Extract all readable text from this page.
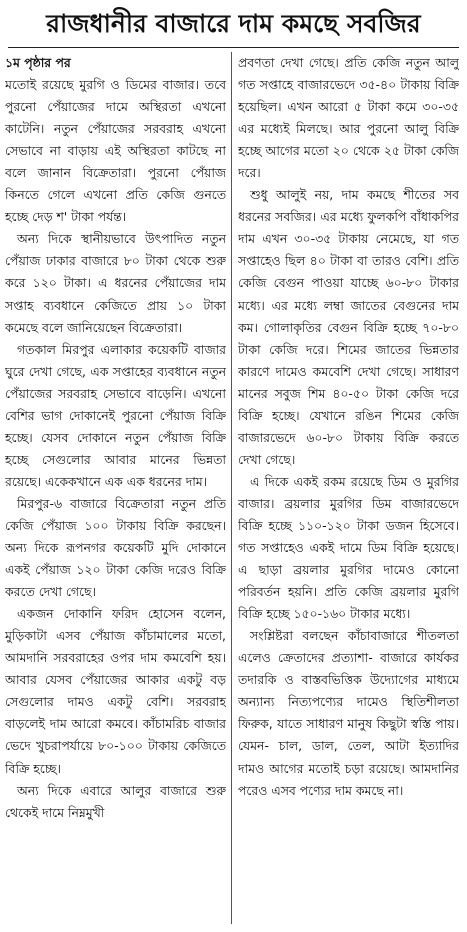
রাজধানীর বাজারে দাম কমছে সবজির

১ম পৃষ্ঠার পর
মতোই রয়েছে মুরগি ও ডিমের বাজার। তবে পুরনো পেঁয়াজের দামে অস্থিরতা এখনো কাটেনি। নতুন পেঁয়াজের সরবরাহ এখনো সেভাবে না বাড়ায় এই অস্থিরতা কাটছে না বলে জানান বিক্রেতারা। পুরনো পেঁয়াজ কিনতে গেলে এখনো প্রতি কেজি গুনতে হচ্ছে দেড় শ' টাকা পর্যন্ত।

অন্য দিকে স্থানীয়ভাবে উৎপাদিত নতুন পেঁয়াজ ঢাকার বাজারে ৮০ টাকা থেকে শুরু করে ১২০ টাকা। এ ধরনের পেঁয়াজের দাম সপ্তাহ ব্যবধানে কেজিতে প্রায় ১০ টাকা কমেছে বলে জানিয়েছেন বিক্রেতারা।

গতকাল মিরপুর এলাকার কয়েকটি বাজার ঘুরে দেখা গেছে, এক সপ্তাহের ব্যবধানে নতুন পেঁয়াজের সরবরাহ সেভাবে বাড়েনি। এখনো বেশির ভাগ দোকানেই পুরনো পেঁয়াজ বিক্রি হচ্ছে। যেসব দোকানে নতুন পেঁয়াজ বিক্রি হচ্ছে সেগুলোর আবার মানের ভিন্নতা রয়েছে। একেকখানে এক এক ধরনের দাম।

মিরপুর-৬ বাজারে বিক্রেতারা নতুন প্রতি কেজি পেঁয়াজ ১০০ টাকায় বিক্রি করছেন। অন্য দিকে রূপনগর কয়েকটি মুদি দোকানে একই পেঁয়াজ ১২০ টাকা কেজি দরেও বিক্রি করতে দেখা গেছে।

একজন দোকানি ফরিদ হোসেন বলেন, মুড়িকাটা এসব পেঁয়াজ কাঁচামালের মতো, আমদানি সরবরাহের ওপর দাম কমবেশি হয়। আবার যেসব পেঁয়াজের আকার একটু বড় সেগুলোর দামও একটু বেশি। সরবরাহ বাড়লেই দাম আরো কমবে। কাঁচামরিচ বাজার ভেদে খুচরাপর্যায়ে ৮০-১০০ টাকায় কেজিতে বিক্রি হচ্ছে।

অন্য দিকে এবারে আলুর বাজারে শুরু থেকেই দামে নিম্নমুখী

প্রবণতা দেখা গেছে। প্রতি কেজি নতুন আলু গত সপ্তাহে বাজারভেদে ৩৫-৪০ টাকায় বিক্রি হয়েছিল। এখন আরো ৫ টাকা কমে ৩০-৩৫ এর মধ্যেই মিলছে। আর পুরনো আলু বিক্রি হচ্ছে আগের মতো ২০ থেকে ২৫ টাকা কেজি দরে।

শুধু আলুই নয়, দাম কমছে শীতের সব ধরনের সবজির। এর মধ্যে ফুলকপি বাঁধাকপির দাম এখন ৩০-৩৫ টাকায় নেমেছে, যা গত সপ্তাহেও ছিল ৪০ টাকা বা তারও বেশি। প্রতি কেজি বেগুন পাওয়া যাচ্ছে ৬০-৮০ টাকার মধ্যে। এর মধ্যে লম্বা জাতের বেগুনের দাম কম। গোলাকৃতির বেগুন বিক্রি হচ্ছে ৭০-৮০ টাকা কেজি দরে। শিমের জাতের ভিন্নতার কারণে দামেও কমবেশি দেখা গেছে। সাধারণ মানের সবুজ শিম ৪০-৫০ টাকা কেজি দরে বিক্রি হচ্ছে। যেখানে রঙিন শিমের কেজি বাজারভেদে ৬০-৮০ টাকায় বিক্রি করতে দেখা গেছে।

এ দিকে একই রকম রয়েছে ডিম ও মুরগির বাজার। ব্রয়লার মুরগির ডিম বাজারভেদে বিক্রি হচ্ছে ১১০-১২০ টাকা ডজন হিসেবে। গত সপ্তাহেও একই দামে ডিম বিক্রি হয়েছে। এ ছাড়া ব্রয়লার মুরগির দামেও কোনো পরিবর্তন হয়নি। প্রতি কেজি ব্রয়লার মুরগি বিক্রি হচ্ছে ১৫০-১৬০ টাকার মধ্যে।

সংশ্লিষ্টরা বলছেন কাঁচাবাজারে শীতলতা এলেও ক্রেতাদের প্রত্যাশা- বাজারে কার্যকর তদারকি ও বাস্তবভিত্তিক উদ্যোগের মাধ্যমে অন্যান্য নিত্যপণ্যের দামেও স্থিতিশীলতা ফিরুক, যাতে সাধারণ মানুষ কিছুটা স্বস্তি পায়। যেমন- চাল, ডাল, তেল, আটা ইত্যাদির দামও আগের মতোই চড়া রয়েছে। আমদানির পরেও এসব পণ্যের দাম কমছে না।
